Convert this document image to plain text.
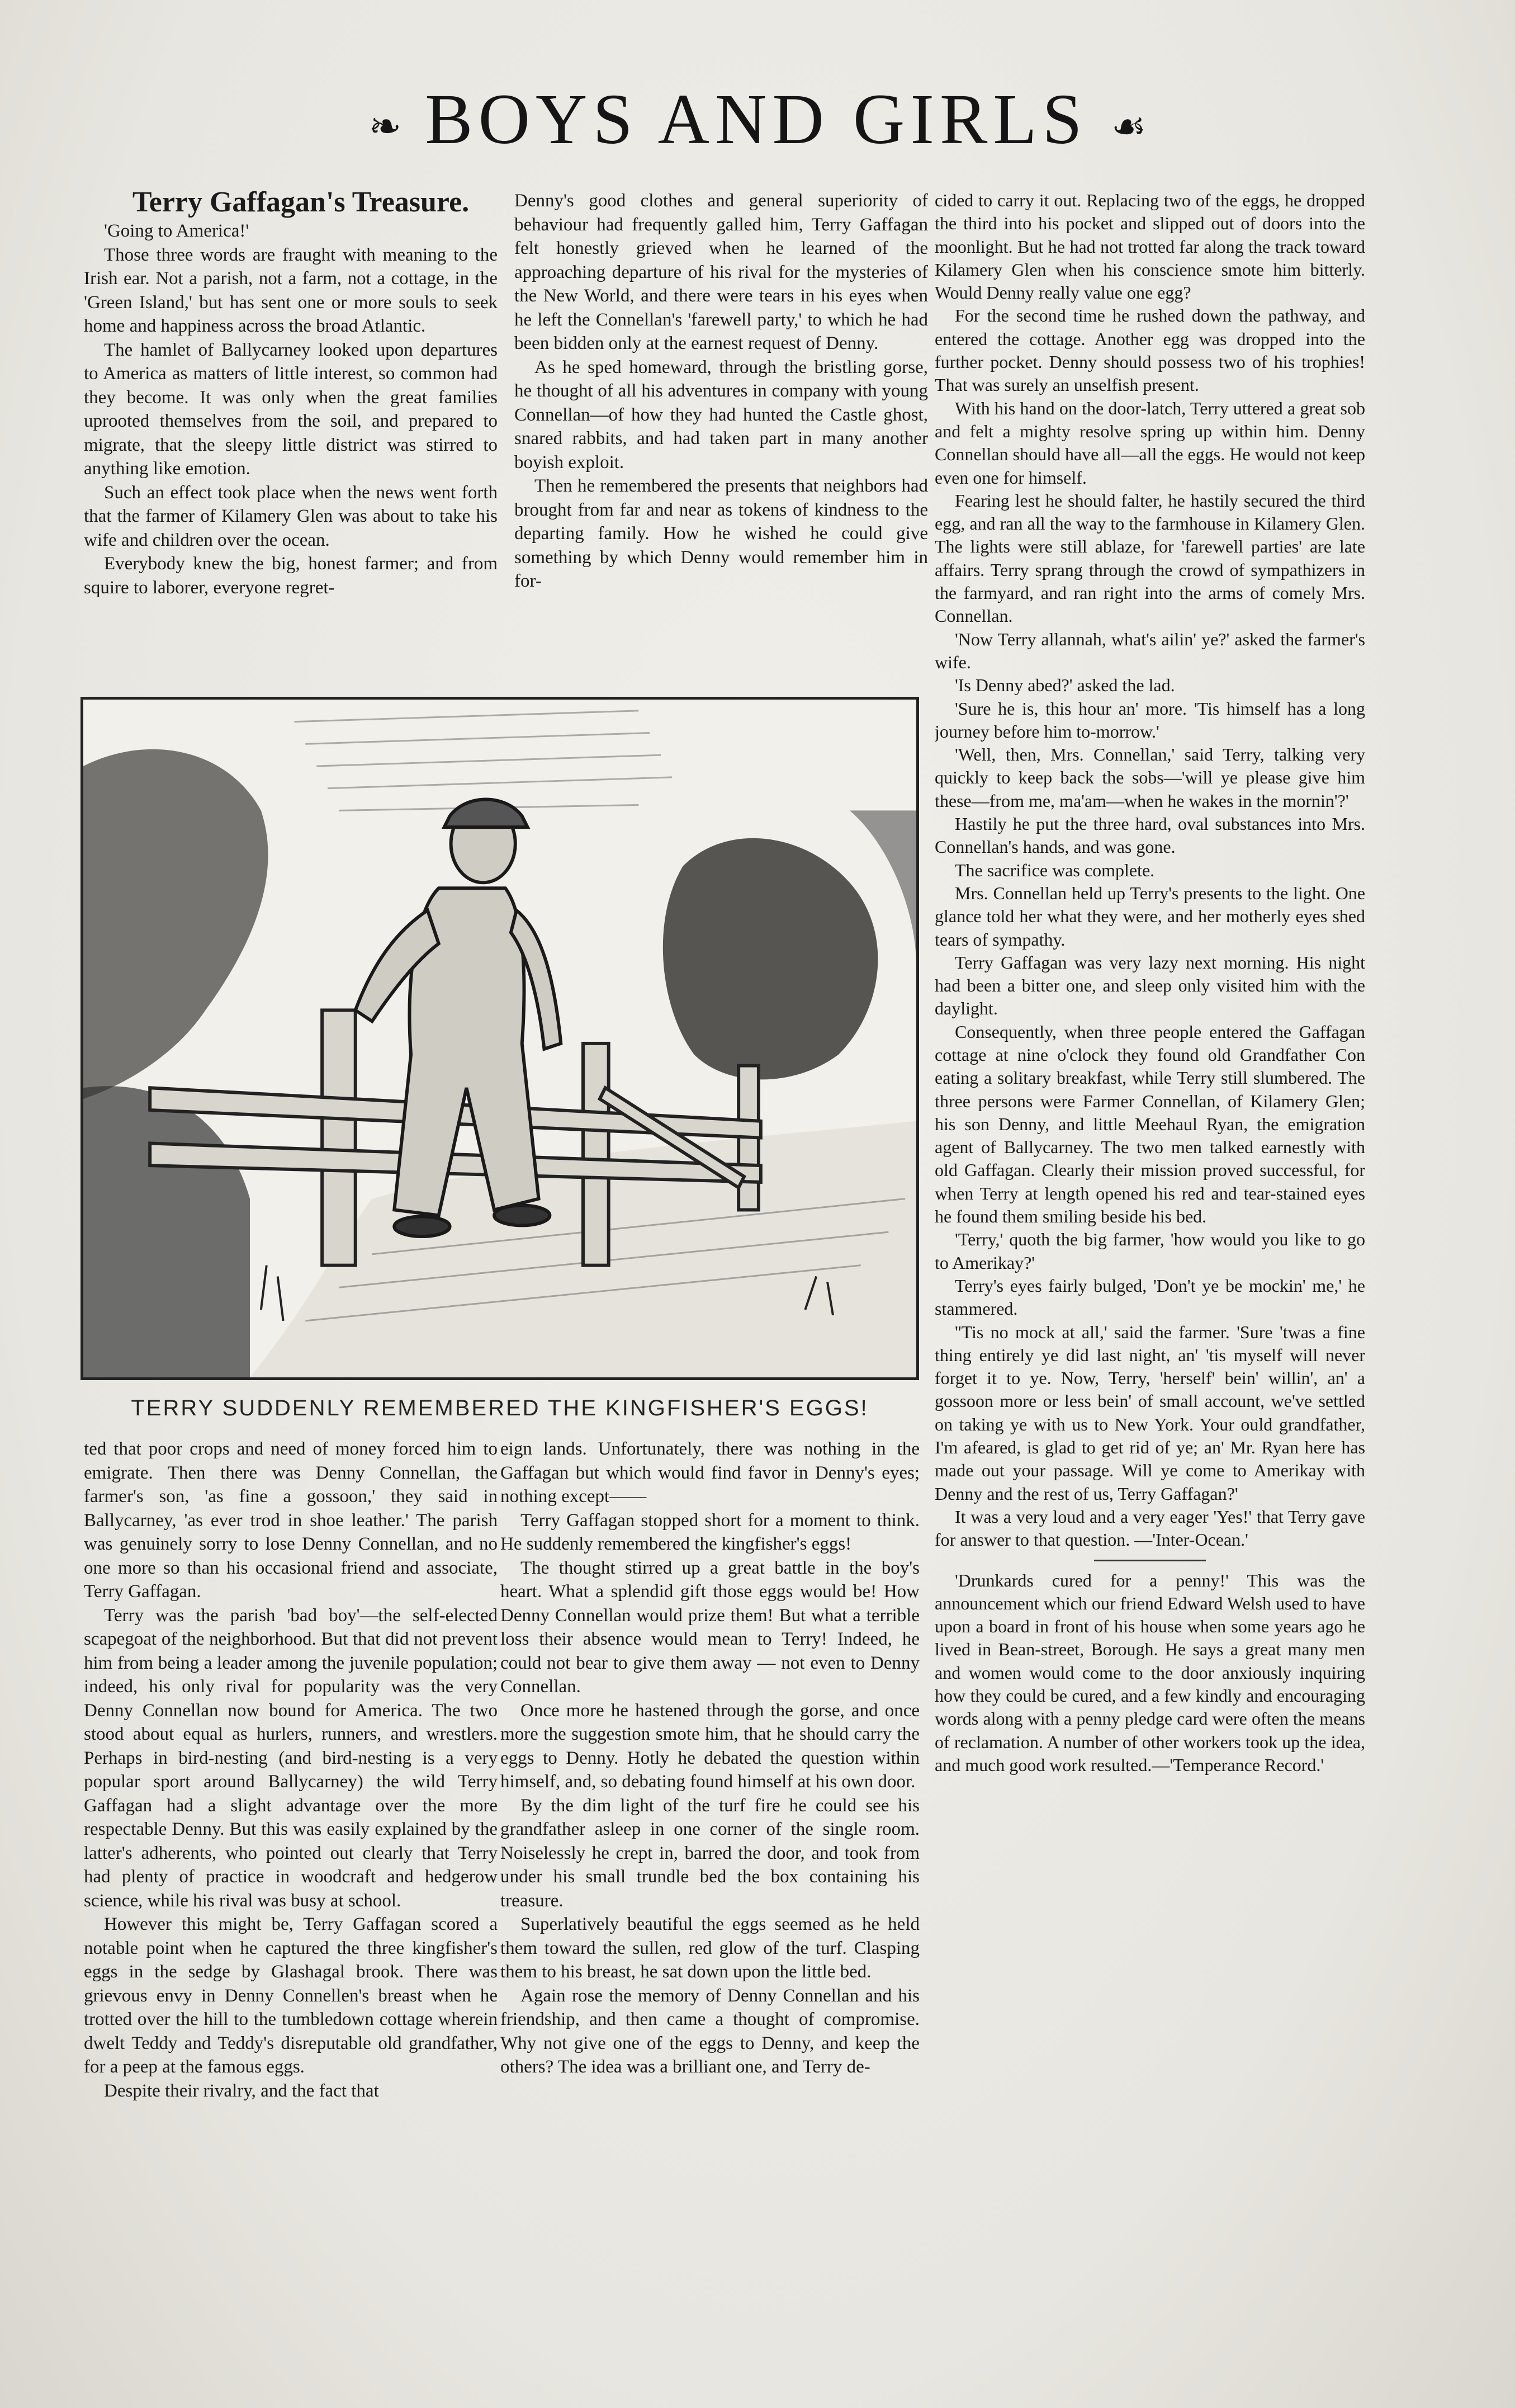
❧ BOYS AND GIRLS ☙

Terry Gaffagan's Treasure.

'Going to America!'

Those three words are fraught with meaning to the Irish ear. Not a parish, not a farm, not a cottage, in the 'Green Island,' but has sent one or more souls to seek home and happiness across the broad Atlantic.

The hamlet of Ballycarney looked upon departures to America as matters of little interest, so common had they become. It was only when the great families uprooted themselves from the soil, and prepared to migrate, that the sleepy little district was stirred to anything like emotion.

Such an effect took place when the news went forth that the farmer of Kilamery Glen was about to take his wife and children over the ocean.

Everybody knew the big, honest farmer; and from squire to laborer, everyone regret-

Denny's good clothes and general superiority of behaviour had frequently galled him, Terry Gaffagan felt honestly grieved when he learned of the approaching departure of his rival for the mysteries of the New World, and there were tears in his eyes when he left the Connellan's 'farewell party,' to which he had been bidden only at the earnest request of Denny.

As he sped homeward, through the bristling gorse, he thought of all his adventures in company with young Connellan—of how they had hunted the Castle ghost, snared rabbits, and had taken part in many another boyish exploit.

Then he remembered the presents that neighbors had brought from far and near as tokens of kindness to the departing family. How he wished he could give something by which Denny would remember him in for-

TERRY SUDDENLY REMEMBERED THE KINGFISHER'S EGGS!

ted that poor crops and need of money forced him to emigrate. Then there was Denny Connellan, the farmer's son, 'as fine a gossoon,' they said in Ballycarney, 'as ever trod in shoe leather.' The parish was genuinely sorry to lose Denny Connellan, and no one more so than his occasional friend and associate, Terry Gaffagan.

Terry was the parish 'bad boy'—the self-elected scapegoat of the neighborhood. But that did not prevent him from being a leader among the juvenile population; indeed, his only rival for popularity was the very Denny Connellan now bound for America. The two stood about equal as hurlers, runners, and wrestlers. Perhaps in bird-nesting (and bird-nesting is a very popular sport around Ballycarney) the wild Terry Gaffagan had a slight advantage over the more respectable Denny. But this was easily explained by the latter's adherents, who pointed out clearly that Terry had plenty of practice in woodcraft and hedgerow science, while his rival was busy at school.

However this might be, Terry Gaffagan scored a notable point when he captured the three kingfisher's eggs in the sedge by Glashagal brook. There was grievous envy in Denny Connellen's breast when he trotted over the hill to the tumbledown cottage wherein dwelt Teddy and Teddy's disreputable old grandfather, for a peep at the famous eggs.

Despite their rivalry, and the fact that

eign lands. Unfortunately, there was nothing in the Gaffagan but which would find favor in Denny's eyes; nothing except——

Terry Gaffagan stopped short for a moment to think. He suddenly remembered the kingfisher's eggs!

The thought stirred up a great battle in the boy's heart. What a splendid gift those eggs would be! How Denny Connellan would prize them! But what a terrible loss their absence would mean to Terry! Indeed, he could not bear to give them away — not even to Denny Connellan.

Once more he hastened through the gorse, and once more the suggestion smote him, that he should carry the eggs to Denny. Hotly he debated the question within himself, and, so debating found himself at his own door.

By the dim light of the turf fire he could see his grandfather asleep in one corner of the single room. Noiselessly he crept in, barred the door, and took from under his small trundle bed the box containing his treasure.

Superlatively beautiful the eggs seemed as he held them toward the sullen, red glow of the turf. Clasping them to his breast, he sat down upon the little bed.

Again rose the memory of Denny Connellan and his friendship, and then came a thought of compromise. Why not give one of the eggs to Denny, and keep the others? The idea was a brilliant one, and Terry de-

cided to carry it out. Replacing two of the eggs, he dropped the third into his pocket and slipped out of doors into the moonlight. But he had not trotted far along the track toward Kilamery Glen when his conscience smote him bitterly. Would Denny really value one egg?

For the second time he rushed down the pathway, and entered the cottage. Another egg was dropped into the further pocket. Denny should possess two of his trophies! That was surely an unselfish present.

With his hand on the door-latch, Terry uttered a great sob and felt a mighty resolve spring up within him. Denny Connellan should have all—all the eggs. He would not keep even one for himself.

Fearing lest he should falter, he hastily secured the third egg, and ran all the way to the farmhouse in Kilamery Glen. The lights were still ablaze, for 'farewell parties' are late affairs. Terry sprang through the crowd of sympathizers in the farmyard, and ran right into the arms of comely Mrs. Connellan.

'Now Terry allannah, what's ailin' ye?' asked the farmer's wife.

'Is Denny abed?' asked the lad.

'Sure he is, this hour an' more. 'Tis himself has a long journey before him to-morrow.'

'Well, then, Mrs. Connellan,' said Terry, talking very quickly to keep back the sobs—'will ye please give him these—from me, ma'am—when he wakes in the mornin'?'

Hastily he put the three hard, oval substances into Mrs. Connellan's hands, and was gone.

The sacrifice was complete.

Mrs. Connellan held up Terry's presents to the light. One glance told her what they were, and her motherly eyes shed tears of sympathy.

Terry Gaffagan was very lazy next morning. His night had been a bitter one, and sleep only visited him with the daylight.

Consequently, when three people entered the Gaffagan cottage at nine o'clock they found old Grandfather Con eating a solitary breakfast, while Terry still slumbered. The three persons were Farmer Connellan, of Kilamery Glen; his son Denny, and little Meehaul Ryan, the emigration agent of Ballycarney. The two men talked earnestly with old Gaffagan. Clearly their mission proved successful, for when Terry at length opened his red and tear-stained eyes he found them smiling beside his bed.

'Terry,' quoth the big farmer, 'how would you like to go to Amerikay?'

Terry's eyes fairly bulged, 'Don't ye be mockin' me,' he stammered.

''Tis no mock at all,' said the farmer. 'Sure 'twas a fine thing entirely ye did last night, an' 'tis myself will never forget it to ye. Now, Terry, 'herself' bein' willin', an' a gossoon more or less bein' of small account, we've settled on taking ye with us to New York. Your ould grandfather, I'm afeared, is glad to get rid of ye; an' Mr. Ryan here has made out your passage. Will ye come to Amerikay with Denny and the rest of us, Terry Gaffagan?'

It was a very loud and a very eager 'Yes!' that Terry gave for answer to that question. —'Inter-Ocean.'

'Drunkards cured for a penny!' This was the announcement which our friend Edward Welsh used to have upon a board in front of his house when some years ago he lived in Bean-street, Borough. He says a great many men and women would come to the door anxiously inquiring how they could be cured, and a few kindly and encouraging words along with a penny pledge card were often the means of reclamation. A number of other workers took up the idea, and much good work resulted.—'Temperance Record.'
